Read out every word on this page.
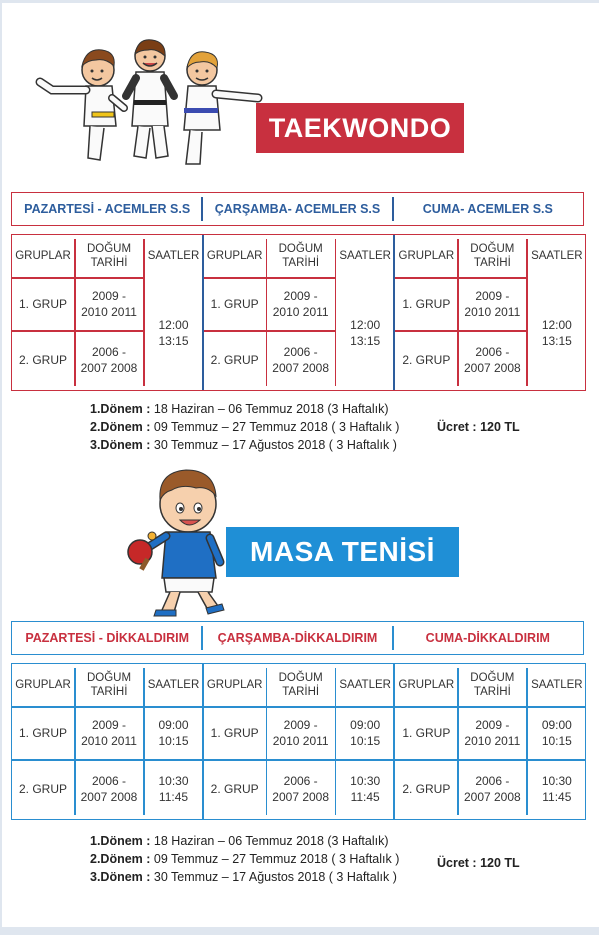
TAEKWONDO
PAZARTESİ - ACEMLER S.S ÇARŞAMBA- ACEMLER S.S	CUMA- ACEMLER S.S
GRUPLAR
DOĞUM TARİHİ
SAATLER
1. GRUP
2009 - 2010 2011
2. GRUP
2006 - 2007 2008
12:00 13:15
GRUPLAR
DOĞUM TARİHİ
SAATLER
1. GRUP
2009 - 2010 2011
2. GRUP
2006 - 2007 2008
12:00 13:15
GRUPLAR
DOĞUM TARİHİ
SAATLER
1. GRUP
2009 - 2010 2011
2. GRUP
2006 - 2007 2008
12:00 13:15
1.Dönem : 18 Haziran – 06 Temmuz 2018 (3 Haftalık)
2.Dönem : 09 Temmuz – 27 Temmuz 2018 ( 3 Haftalık )
3.Dönem : 30 Temmuz – 17 Ağustos 2018 ( 3 Haftalık )
Ücret : 120 TL
MASA TENİSİ
PAZARTESİ - DİKKALDIRIM ÇARŞAMBA-DİKKALDIRIM	CUMA-DİKKALDIRIM
GRUPLAR
DOĞUM TARİHİ
SAATLER
1. GRUP
2009 - 2010 2011
09:00 10:15
2. GRUP
2006 - 2007 2008
10:30 11:45
GRUPLAR
DOĞUM TARİHİ
SAATLER
1. GRUP
2009 - 2010 2011
09:00 10:15
2. GRUP
2006 - 2007 2008
10:30 11:45
GRUPLAR
DOĞUM TARİHİ
SAATLER
1. GRUP
2009 - 2010 2011
09:00 10:15
2. GRUP
2006 - 2007 2008
10:30 11:45
1.Dönem : 18 Haziran – 06 Temmuz 2018 (3 Haftalık)
2.Dönem : 09 Temmuz – 27 Temmuz 2018 ( 3 Haftalık )
3.Dönem : 30 Temmuz – 17 Ağustos 2018 ( 3 Haftalık )
Ücret : 120 TL
